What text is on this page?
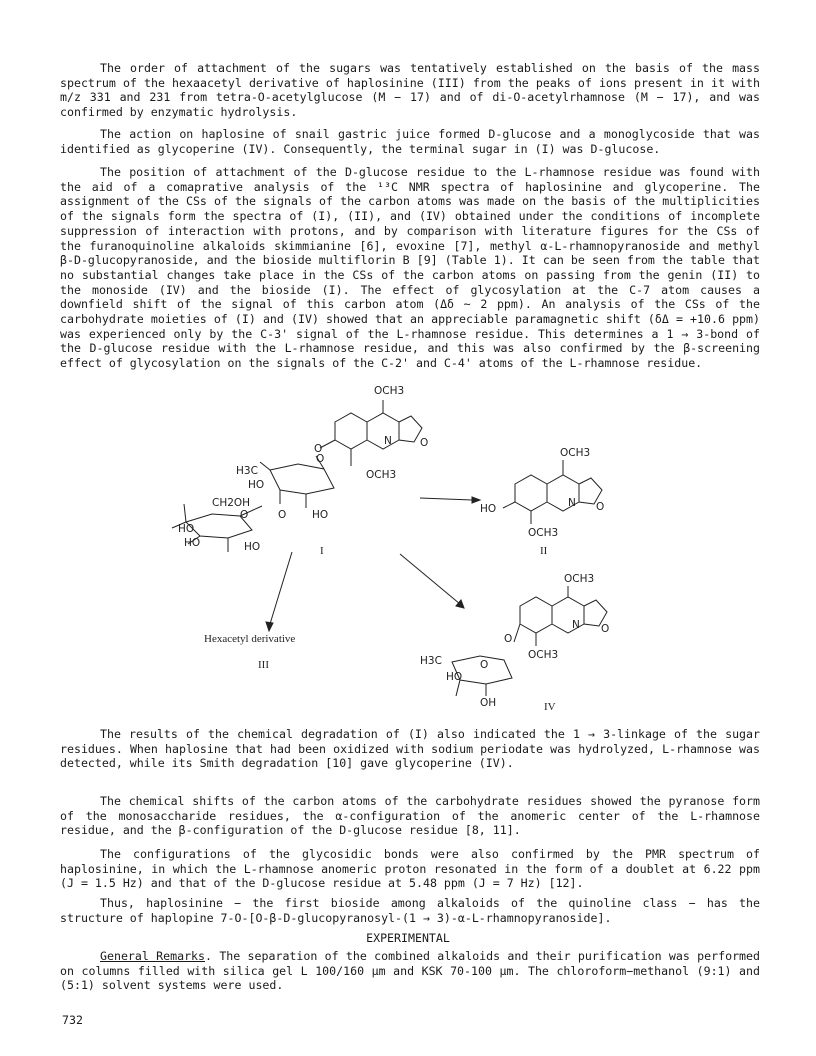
The order of attachment of the sugars was tentatively established on the basis of the mass spectrum of the hexaacetyl derivative of haplosinine (III) from the peaks of ions present in it with m/z 331 and 231 from tetra-O-acetylglucose (M − 17) and of di-O-acetylrhamnose (M − 17), and was confirmed by enzymatic hydrolysis.

The action on haplosine of snail gastric juice formed D-glucose and a monoglycoside that was identified as glycoperine (IV). Consequently, the terminal sugar in (I) was D-glucose.

The position of attachment of the D-glucose residue to the L-rhamnose residue was found with the aid of a comaprative analysis of the ¹³C NMR spectra of haplosinine and glycoperine. The assignment of the CSs of the signals of the carbon atoms was made on the basis of the multiplicities of the signals form the spectra of (I), (II), and (IV) obtained under the conditions of incomplete suppression of interaction with protons, and by comparison with literature figures for the CSs of the furanoquinoline alkaloids skimmianine [6], evoxine [7], methyl α-L-rhamnopyranoside and methyl β-D-glucopyranoside, and the bioside multiflorin B [9] (Table 1). It can be seen from the table that no substantial changes take place in the CSs of the carbon atoms on passing from the genin (II) to the monoside (IV) and the bioside (I). The effect of glycosylation at the C-7 atom causes a downfield shift of the signal of this carbon atom (Δδ ~ 2 ppm). An analysis of the CSs of the carbohydrate moieties of (I) and (IV) showed that an appreciable paramagnetic shift (δΔ = +10.6 ppm) was experienced only by the C-3' signal of the L-rhamnose residue. This determines a 1 → 3-bond of the D-glucose residue with the L-rhamnose residue, and this was also confirmed by the β-screening effect of glycosylation on the signals of the C-2' and C-4' atoms of the L-rhamnose residue.

OCH3
OCH3
N	O
O
O
H3C
HO
CH2OH
O	O HO
HO
HO	HO	I
OCH3
HO	N O
OCH3
II
OCH3
O
N O
OCH3
H3C
HO
OH
O
IV
Hexacetyl derivative
III

The results of the chemical degradation of (I) also indicated the 1 → 3-linkage of the sugar residues. When haplosine that had been oxidized with sodium periodate was hydrolyzed, L-rhamnose was detected, while its Smith degradation [10] gave glycoperine (IV).

The chemical shifts of the carbon atoms of the carbohydrate residues showed the pyranose form of the monosaccharide residues, the α-configuration of the anomeric center of the L-rhamnose residue, and the β-configuration of the D-glucose residue [8, 11].

The configurations of the glycosidic bonds were also confirmed by the PMR spectrum of haplosinine, in which the L-rhamnose anomeric proton resonated in the form of a doublet at 6.22 ppm (J = 1.5 Hz) and that of the D-glucose residue at 5.48 ppm (J = 7 Hz) [12].

Thus, haplosinine − the first bioside among alkaloids of the quinoline class − has the structure of haplopine 7-O-[O-β-D-glucopyranosyl-(1 → 3)-α-L-rhamnopyranoside].

EXPERIMENTAL

General Remarks. The separation of the combined alkaloids and their purification was performed on columns filled with silica gel L 100/160 μm and KSK 70-100 μm. The chloroform−methanol (9:1) and (5:1) solvent systems were used.

732
